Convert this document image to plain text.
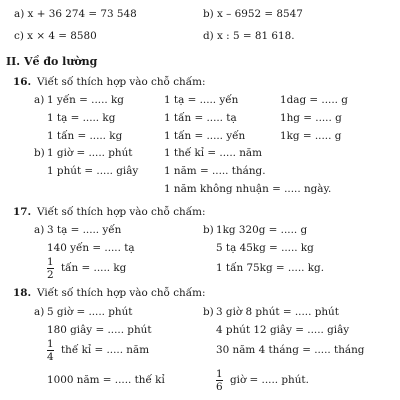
a) x + 36 274 = 73 548	b) x – 6952 = 8547
c) x × 4 = 8580	d) x : 5 = 81 618.
II. Về đo lường
16. Viết số thích hợp vào chỗ chấm:
a) 1 yến = ..... kg
1 tạ = ..... kg
1 tấn = ..... kg
1 tạ = ..... yến
1 tấn = ..... tạ
1 tấn = ..... yến
1dag = ..... g
1hg = ..... g
1kg = ..... g
b) 1 giờ = ..... phút
1 phút = ..... giây
1 thế kỉ = ..... năm
1 năm = ..... tháng.
1 năm không nhuận = ..... ngày.
17. Viết số thích hợp vào chỗ chấm:
a) 3 tạ = ..... yến
140 yến = ..... tạ
1
2
tấn = ..... kg
b) 1kg 320g = ..... g
5 tạ 45kg = ..... kg
1 tấn 75kg = ..... kg.
18. Viết số thích hợp vào chỗ chấm:
a) 5 giờ = ..... phút
180 giây = ..... phút
1
4
thế kỉ = ..... năm
1000 năm = ..... thế kỉ
b) 3 giờ 8 phút = ..... phút
4 phút 12 giây = ..... giây
30 năm 4 tháng = ..... tháng
1
6
giờ = ..... phút.
